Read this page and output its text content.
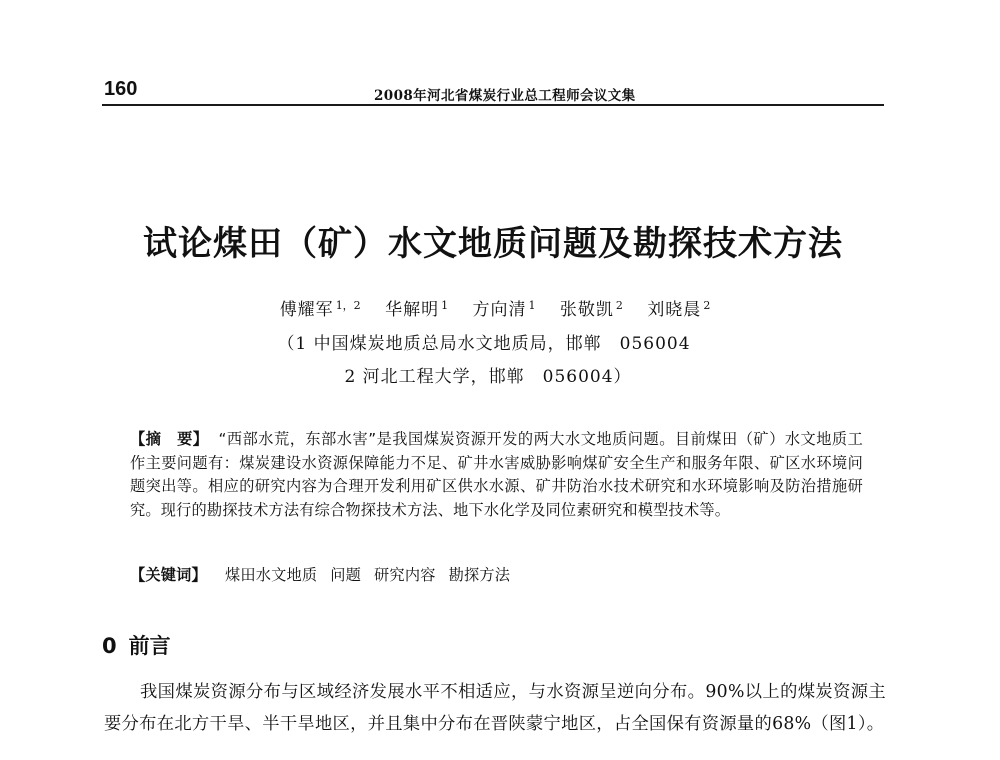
160	2008年河北省煤炭行业总工程师会议文集
试论煤田（矿）水文地质问题及勘探技术方法
傅耀军 $^{1,2}$ 华解明 $^1$ 方向清 $^1$ 张敬凯 $^2$ 刘晓晨 $^2$
（1 中国煤炭地质总局水文地质局，邯郸　056004
2 河北工程大学，邯郸　056004）
【摘　要】 “西部水荒，东部水害”是我国煤炭资源开发的两大水文地质问题。目前煤田（矿）水文地质工作主要问题有：煤炭建设水资源保障能力不足、矿井水害威胁影响煤矿安全生产和服务年限、矿区水环境问题突出等。相应的研究内容为合理开发利用矿区供水水源、矿井防治水技术研究和水环境影响及防治措施研究。现行的勘探技术方法有综合物探技术方法、地下水化学及同位素研究和模型技术等。
【关键词】 煤田水文地质 问题 研究内容 勘探方法
0 前言
我国煤炭资源分布与区域经济发展水平不相适应，与水资源呈逆向分布。90%以上的煤炭资源主要分布在北方干旱、半干旱地区，并且集中分布在晋陕蒙宁地区，占全国保有资源量的68%（图1）。
